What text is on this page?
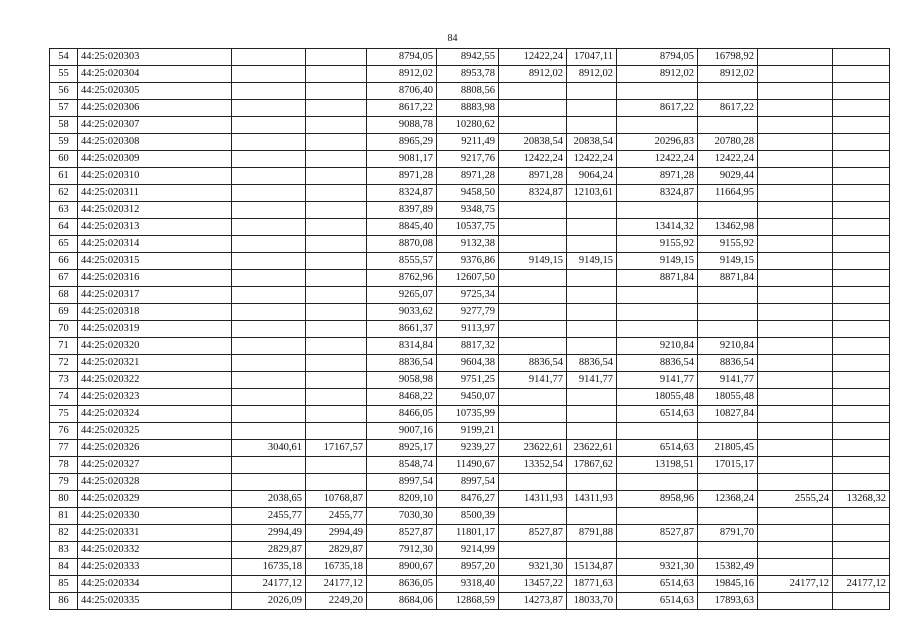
84
54	44:25:020303			8794,05	8942,55	12422,24	17047,11	8794,05	16798,92		
55	44:25:020304			8912,02	8953,78	8912,02	8912,02	8912,02	8912,02		
56	44:25:020305			8706,40	8808,56						
57	44:25:020306			8617,22	8883,98			8617,22	8617,22		
58	44:25:020307			9088,78	10280,62						
59	44:25:020308			8965,29	9211,49	20838,54	20838,54	20296,83	20780,28		
60	44:25:020309			9081,17	9217,76	12422,24	12422,24	12422,24	12422,24		
61	44:25:020310			8971,28	8971,28	8971,28	9064,24	8971,28	9029,44		
62	44:25:020311			8324,87	9458,50	8324,87	12103,61	8324,87	11664,95		
63	44:25:020312			8397,89	9348,75						
64	44:25:020313			8845,40	10537,75			13414,32	13462,98		
65	44:25:020314			8870,08	9132,38			9155,92	9155,92		
66	44:25:020315			8555,57	9376,86	9149,15	9149,15	9149,15	9149,15		
67	44:25:020316			8762,96	12607,50			8871,84	8871,84		
68	44:25:020317			9265,07	9725,34						
69	44:25:020318			9033,62	9277,79						
70	44:25:020319			8661,37	9113,97						
71	44:25:020320			8314,84	8817,32			9210,84	9210,84		
72	44:25:020321			8836,54	9604,38	8836,54	8836,54	8836,54	8836,54		
73	44:25:020322			9058,98	9751,25	9141,77	9141,77	9141,77	9141,77		
74	44:25:020323			8468,22	9450,07			18055,48	18055,48		
75	44:25:020324			8466,05	10735,99			6514,63	10827,84		
76	44:25:020325			9007,16	9199,21						
77	44:25:020326	3040,61	17167,57	8925,17	9239,27	23622,61	23622,61	6514,63	21805,45		
78	44:25:020327			8548,74	11490,67	13352,54	17867,62	13198,51	17015,17		
79	44:25:020328			8997,54	8997,54						
80	44:25:020329	2038,65	10768,87	8209,10	8476,27	14311,93	14311,93	8958,96	12368,24	2555,24	13268,32
81	44:25:020330	2455,77	2455,77	7030,30	8500,39						
82	44:25:020331	2994,49	2994,49	8527,87	11801,17	8527,87	8791,88	8527,87	8791,70		
83	44:25:020332	2829,87	2829,87	7912,30	9214,99						
84	44:25:020333	16735,18	16735,18	8900,67	8957,20	9321,30	15134,87	9321,30	15382,49		
85	44:25:020334	24177,12	24177,12	8636,05	9318,40	13457,22	18771,63	6514,63	19845,16	24177,12	24177,12
86	44:25:020335	2026,09	2249,20	8684,06	12868,59	14273,87	18033,70	6514,63	17893,63		
